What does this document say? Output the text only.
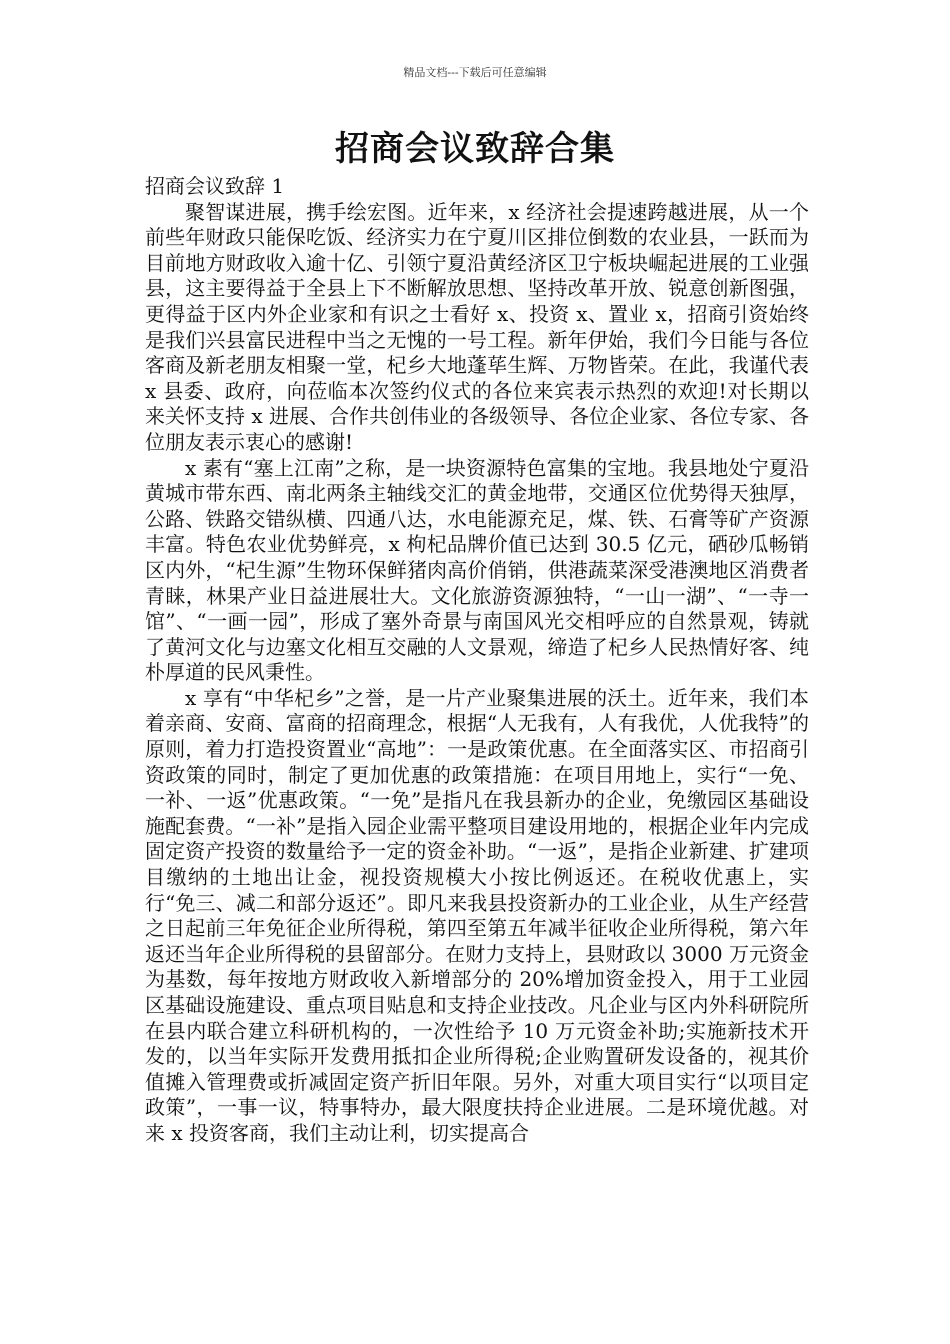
精品文档---下载后可任意编辑
招商会议致辞合集

招商会议致辞 1

聚智谋进展，携手绘宏图。近年来，x 经济社会提速跨越进展，从一个前些年财政只能保吃饭、经济实力在宁夏川区排位倒数的农业县，一跃而为目前地方财政收入逾十亿、引领宁夏沿黄经济区卫宁板块崛起进展的工业强县，这主要得益于全县上下不断解放思想、坚持改革开放、锐意创新图强，更得益于区内外企业家和有识之士看好 x、投资 x、置业 x，招商引资始终是我们兴县富民进程中当之无愧的一号工程。新年伊始，我们今日能与各位客商及新老朋友相聚一堂，杞乡大地蓬荜生辉、万物皆荣。在此，我谨代表 x 县委、政府，向莅临本次签约仪式的各位来宾表示热烈的欢迎!对长期以来关怀支持 x 进展、合作共创伟业的各级领导、各位企业家、各位专家、各位朋友表示衷心的感谢!

x 素有“塞上江南”之称，是一块资源特色富集的宝地。我县地处宁夏沿黄城市带东西、南北两条主轴线交汇的黄金地带，交通区位优势得天独厚，公路、铁路交错纵横、四通八达，水电能源充足，煤、铁、石膏等矿产资源丰富。特色农业优势鲜亮，x 枸杞品牌价值已达到 30.5 亿元，硒砂瓜畅销区内外，“杞生源”生物环保鲜猪肉高价俏销，供港蔬菜深受港澳地区消费者青睐，林果产业日益进展壮大。文化旅游资源独特，“一山一湖”、“一寺一馆”、“一画一园”，形成了塞外奇景与南国风光交相呼应的自然景观，铸就了黄河文化与边塞文化相互交融的人文景观，缔造了杞乡人民热情好客、纯朴厚道的民风秉性。

x 享有“中华杞乡”之誉，是一片产业聚集进展的沃土。近年来，我们本着亲商、安商、富商的招商理念，根据“人无我有，人有我优，人优我特”的原则，着力打造投资置业“高地”：一是政策优惠。在全面落实区、市招商引资政策的同时，制定了更加优惠的政策措施：在项目用地上，实行“一免、一补、一返”优惠政策。“一免”是指凡在我县新办的企业，免缴园区基础设施配套费。“一补”是指入园企业需平整项目建设用地的，根据企业年内完成固定资产投资的数量给予一定的资金补助。“一返”，是指企业新建、扩建项目缴纳的土地出让金，视投资规模大小按比例返还。在税收优惠上，实行“免三、减二和部分返还”。即凡来我县投资新办的工业企业，从生产经营之日起前三年免征企业所得税，第四至第五年减半征收企业所得税，第六年返还当年企业所得税的县留部分。在财力支持上，县财政以 3000 万元资金为基数，每年按地方财政收入新增部分的 20%增加资金投入，用于工业园区基础设施建设、重点项目贴息和支持企业技改。凡企业与区内外科研院所在县内联合建立科研机构的，一次性给予 10 万元资金补助;实施新技术开发的，以当年实际开发费用抵扣企业所得税;企业购置研发设备的，视其价值摊入管理费或折减固定资产折旧年限。另外，对重大项目实行“以项目定政策”，一事一议，特事特办，最大限度扶持企业进展。二是环境优越。对来 x 投资客商，我们主动让利，切实提高合
